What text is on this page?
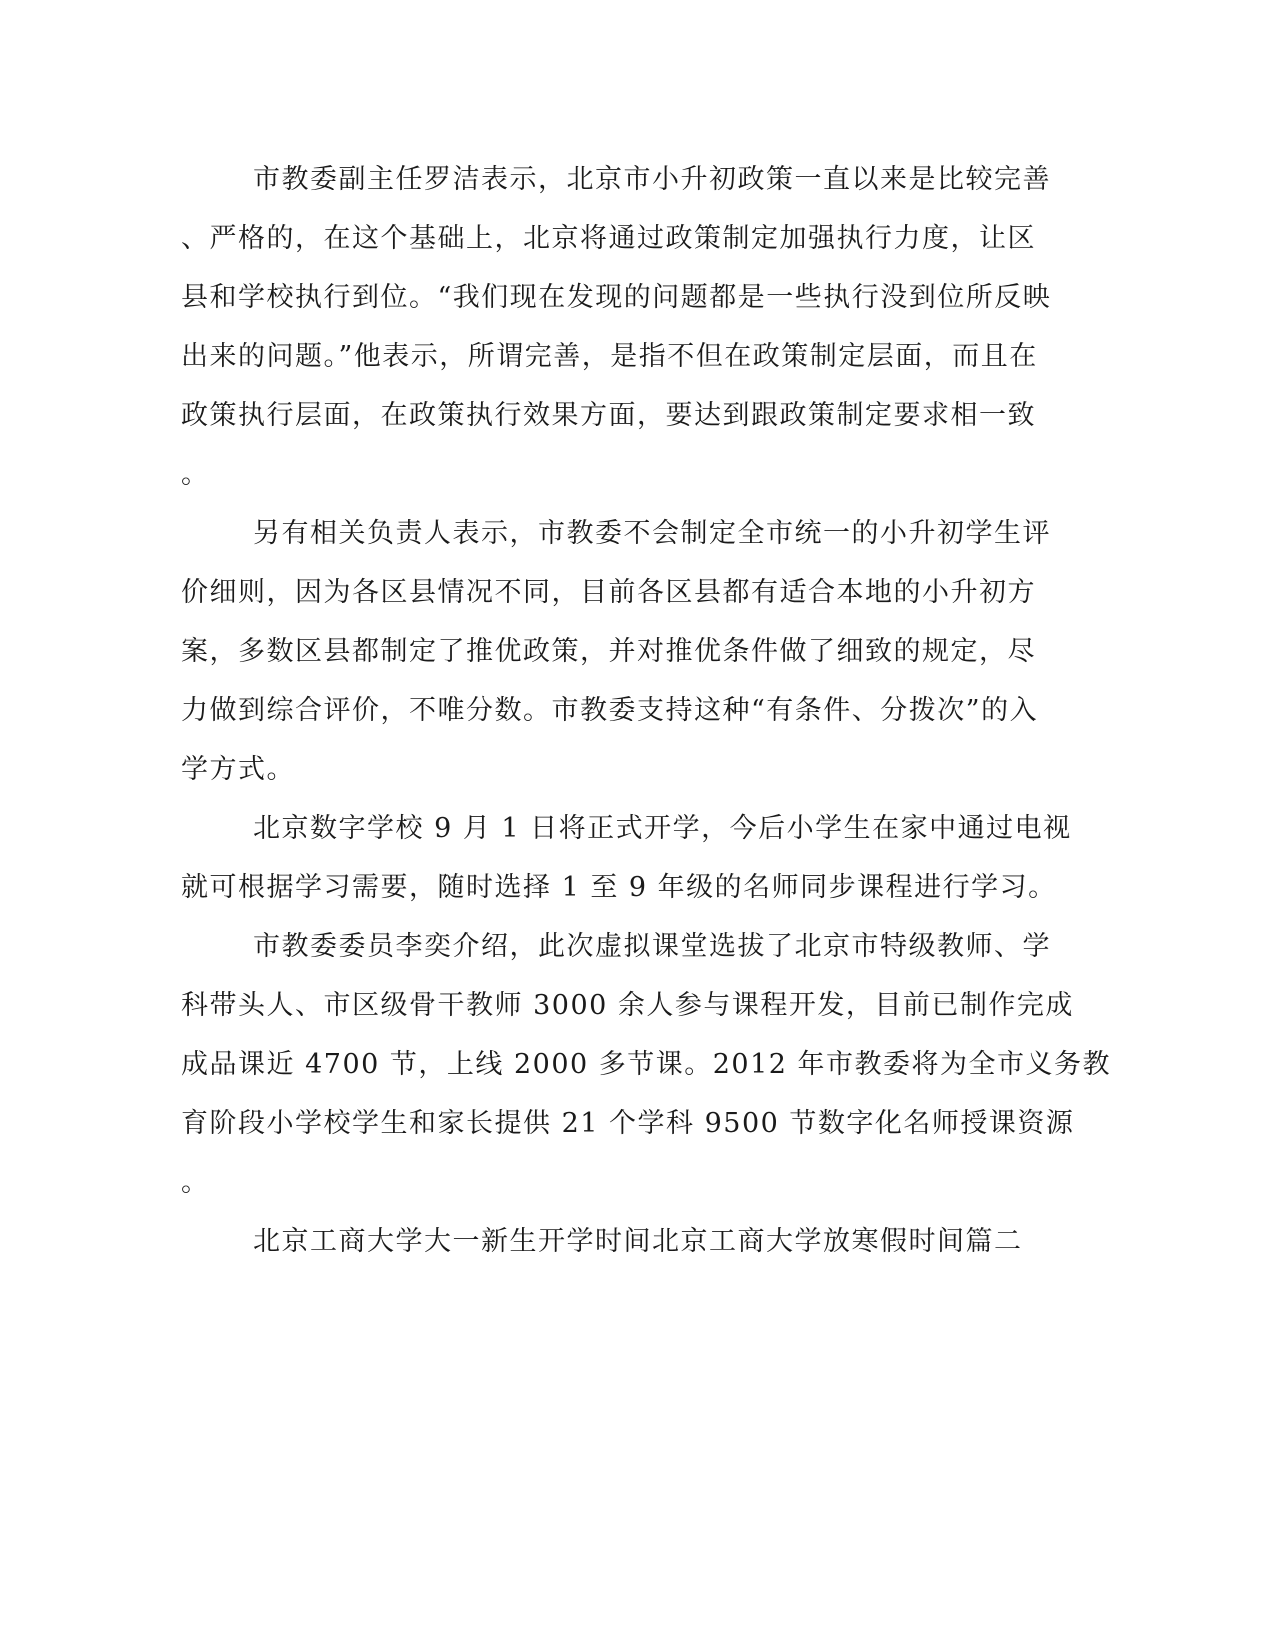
市教委副主任罗洁表示，北京市小升初政策一直以来是比较完善
、严格的，在这个基础上，北京将通过政策制定加强执行力度，让区
县和学校执行到位。“我们现在发现的问题都是一些执行没到位所反映
出来的问题。”他表示，所谓完善，是指不但在政策制定层面，而且在
政策执行层面，在政策执行效果方面，要达到跟政策制定要求相一致
。
另有相关负责人表示，市教委不会制定全市统一的小升初学生评
价细则，因为各区县情况不同，目前各区县都有适合本地的小升初方
案，多数区县都制定了推优政策，并对推优条件做了细致的规定，尽
力做到综合评价，不唯分数。市教委支持这种“有条件、分拨次”的入
学方式。
北京数字学校 9 月 1 日将正式开学，今后小学生在家中通过电视
就可根据学习需要，随时选择 1 至 9 年级的名师同步课程进行学习。
市教委委员李奕介绍，此次虚拟课堂选拔了北京市特级教师、学
科带头人、市区级骨干教师 3000 余人参与课程开发，目前已制作完成
成品课近 4700 节，上线 2000 多节课。2012 年市教委将为全市义务教
育阶段小学校学生和家长提供 21 个学科 9500 节数字化名师授课资源
。
北京工商大学大一新生开学时间北京工商大学放寒假时间篇二
